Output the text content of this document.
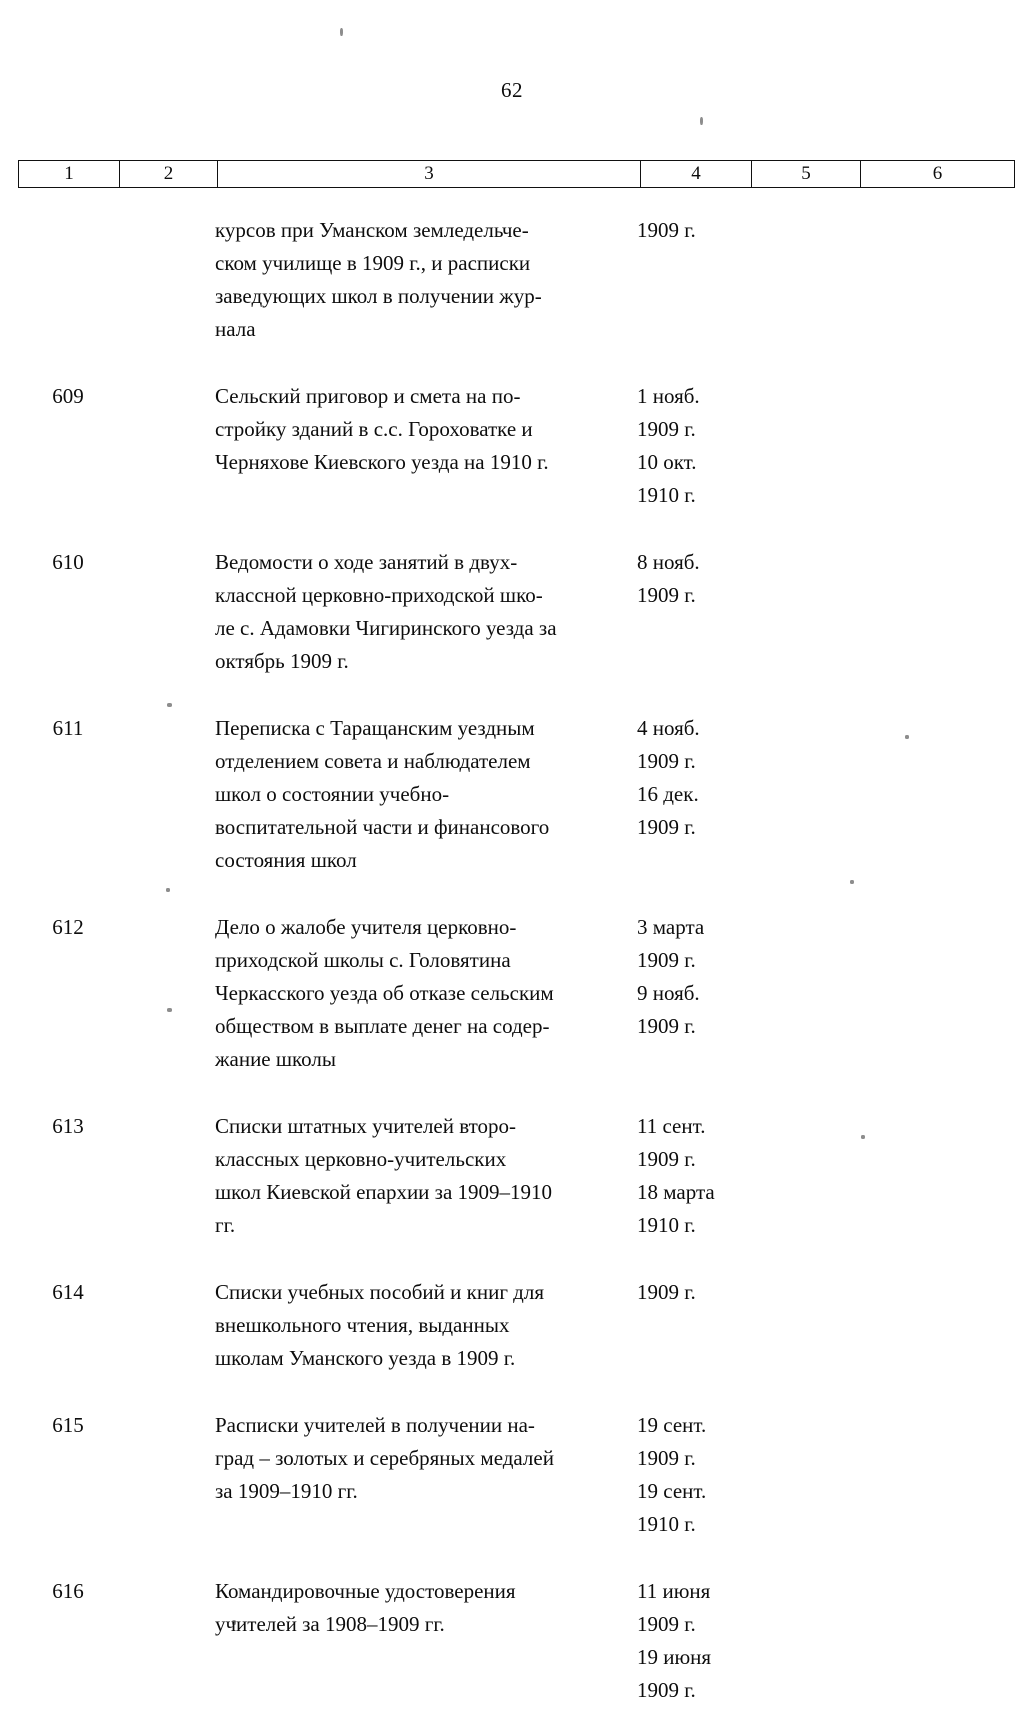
62
1	2	3	4	5	6

		курсов при Уманском земледельче-
ском училище в 1909 г., и расписки
заведующих школ в получении жур-
нала	1909 г.		

609		Сельский приговор и смета на по-
стройку зданий в с.с. Гороховатке и
Черняхове Киевского уезда на 1910 г.	1 нояб.
1909 г.
10 окт.
1910 г.		

610		Ведомости о ходе занятий в двух-
классной церковно-приходской шко-
ле с. Адамовки Чигиринского уезда за
октябрь 1909 г.	8 нояб.
1909 г.		

611		Переписка с Таращанским уездным
отделением совета и наблюдателем
школ о состоянии учебно-
воспитательной части и финансового
состояния школ	4 нояб.
1909 г.
16 дек.
1909 г.		

612		Дело о жалобе учителя церковно-
приходской школы с. Головятина
Черкасского уезда об отказе сельским
обществом в выплате денег на содер-
жание школы	3 марта
1909 г.
9 нояб.
1909 г.		

613		Списки штатных учителей второ-
классных церковно-учительских
школ Киевской епархии за 1909–1910
гг.	11 сент.
1909 г.
18 марта
1910 г.		

614		Списки учебных пособий и книг для
внешкольного чтения, выданных
школам Уманского уезда в 1909 г.	1909 г.		

615		Расписки учителей в получении на-
град – золотых и серебряных медалей
за 1909–1910 гг.	19 сент.
1909 г.
19 сент.
1910 г.		

616		Командировочные удостоверения
учителей за 1908–1909 гг.	11 июня
1909 г.
19 июня
1909 г.		
